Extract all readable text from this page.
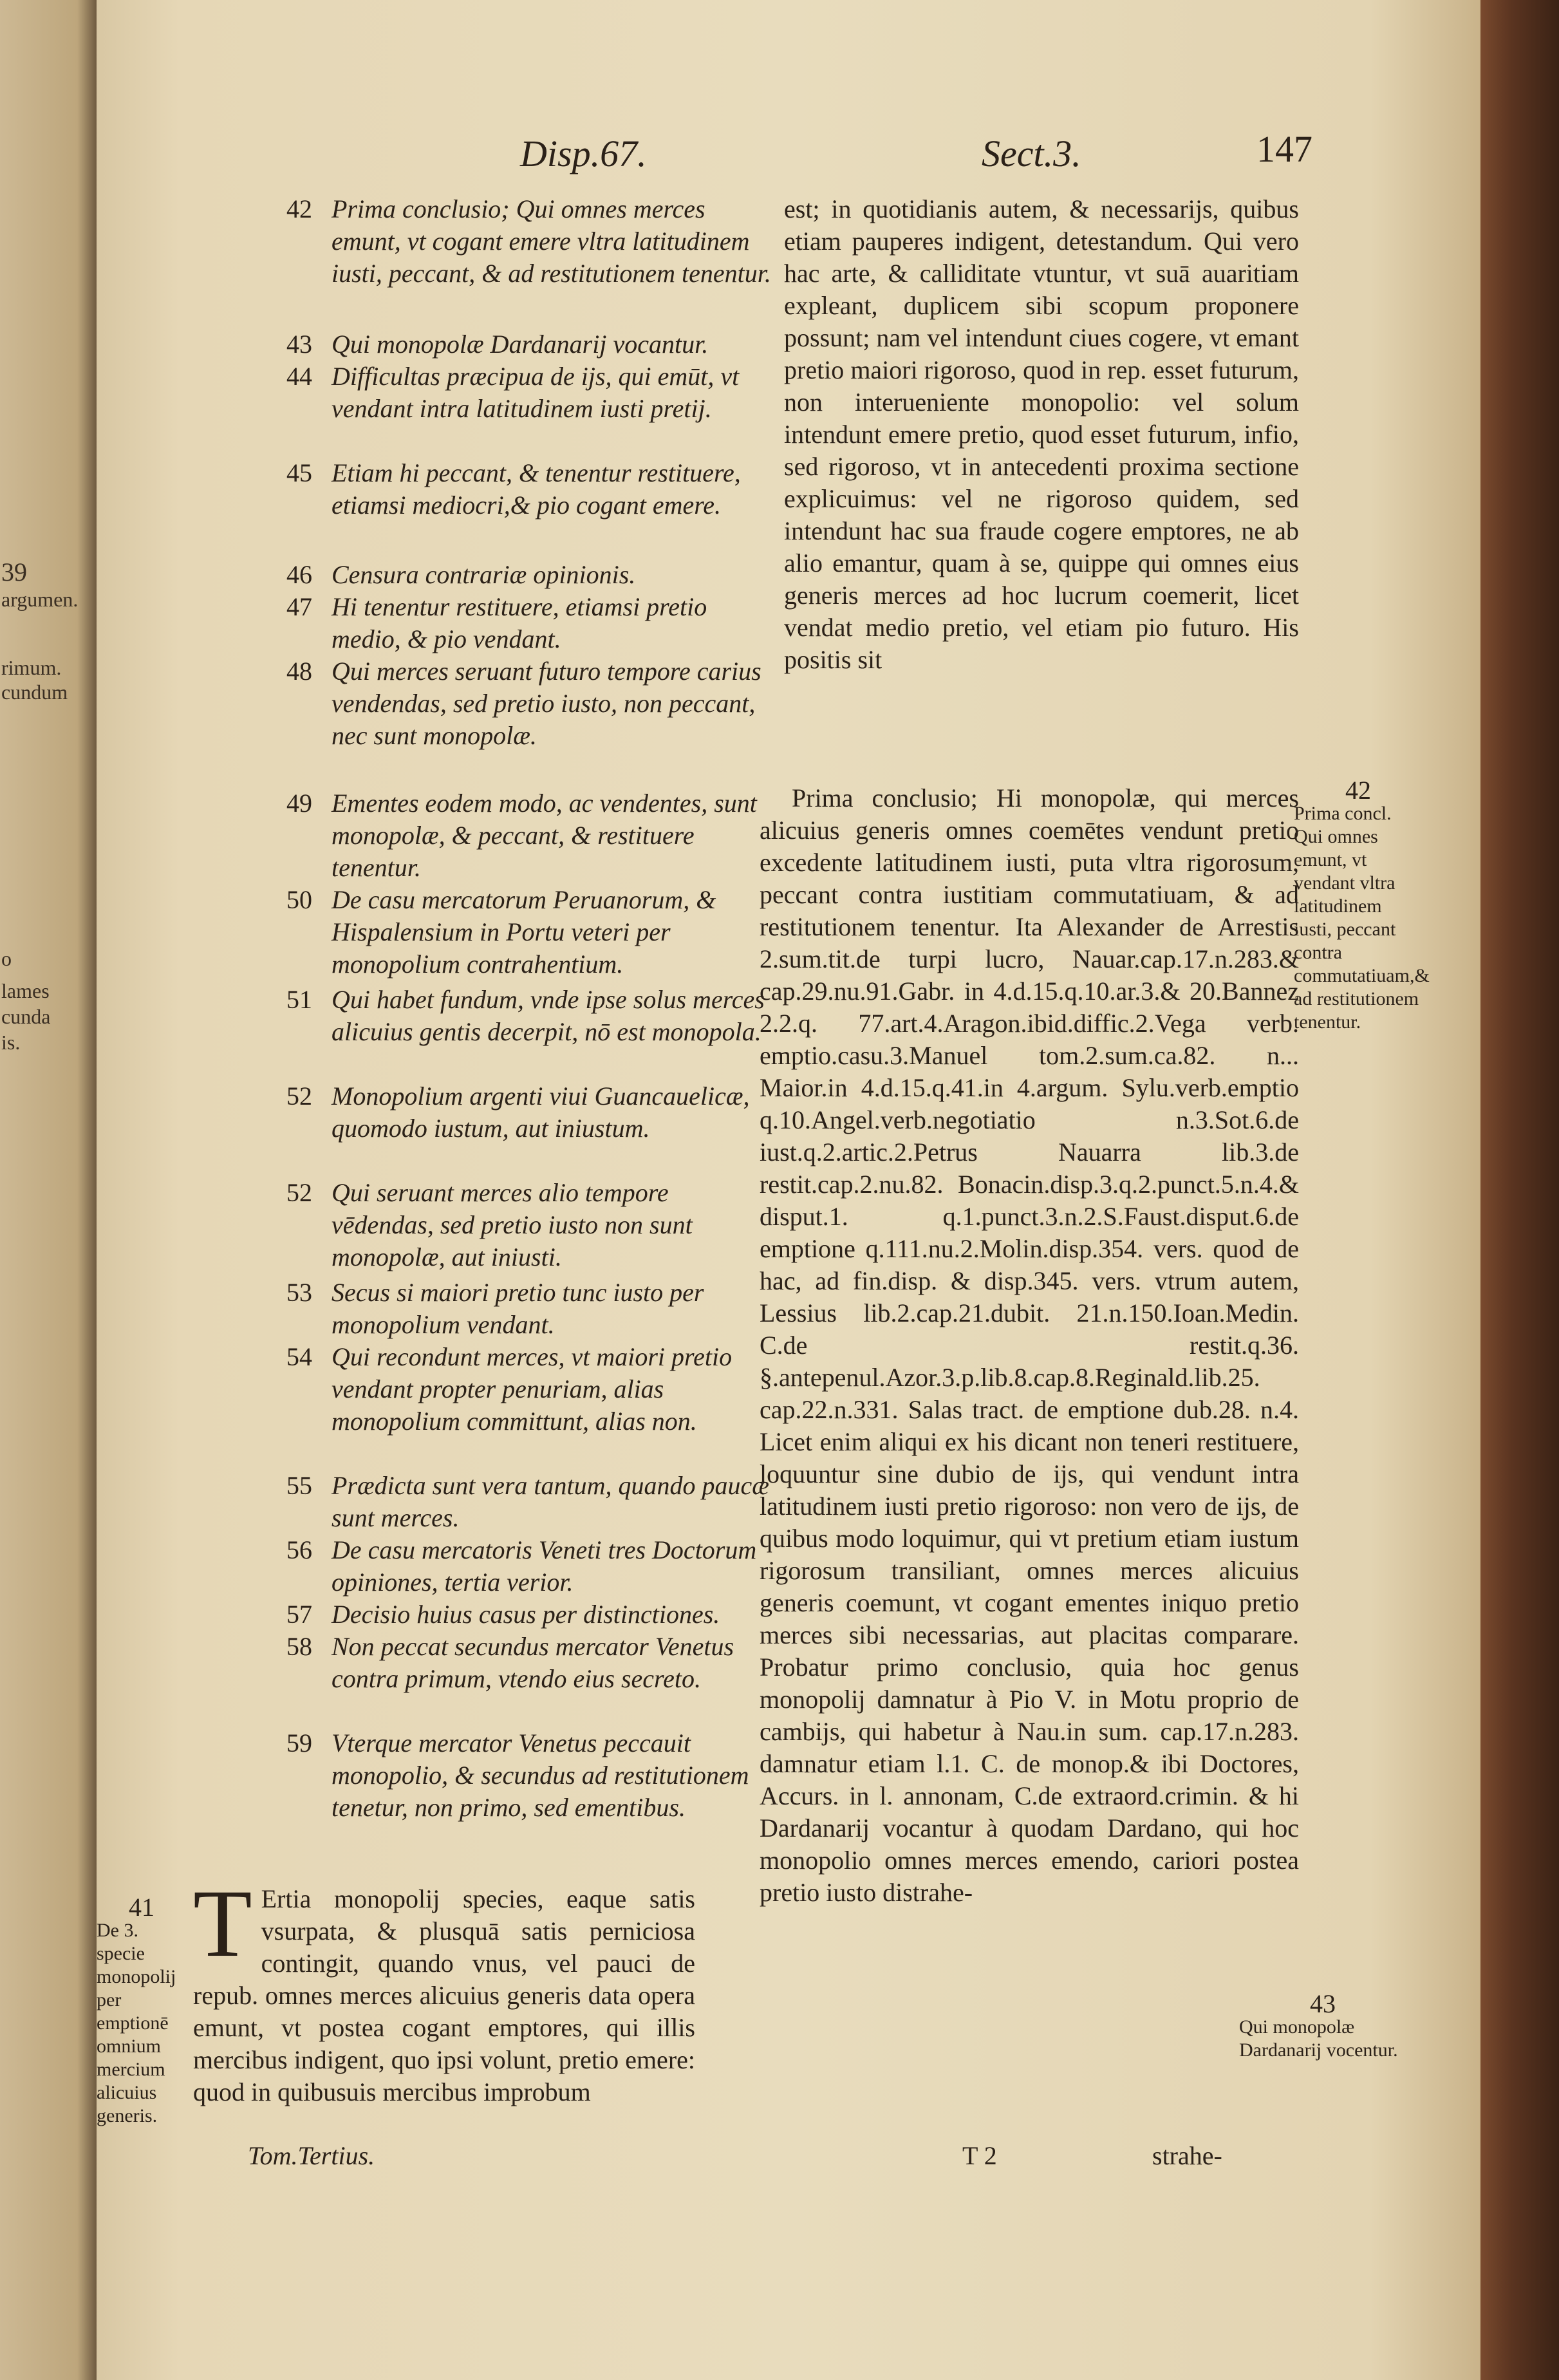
39
argumen.
rimum.
cundum
o
lames
cunda
is.
Disp.67.	Sect.3.	147
42 Prima conclusio; Qui omnes merces emunt, vt cogant emere vltra latitudinem iusti, peccant, & ad restitutionem tenentur.
43 Qui monopolæ Dardanarij vocantur.
44 Difficultas præcipua de ijs, qui emūt, vt vendant intra latitudinem iusti pretij.
45 Etiam hi peccant, & tenentur restituere, etiamsi mediocri,& pio cogant emere.
46 Censura contrariæ opinionis.
47 Hi tenentur restituere, etiamsi pretio medio, & pio vendant.
48 Qui merces seruant futuro tempore carius vendendas, sed pretio iusto, non peccant, nec sunt monopolæ.
49 Ementes eodem modo, ac vendentes, sunt monopolæ, & peccant, & restituere tenentur.
50 De casu mercatorum Peruanorum, & Hispalensium in Portu veteri per monopolium contrahentium.
51 Qui habet fundum, vnde ipse solus merces alicuius gentis decerpit, nō est monopola.
52 Monopolium argenti viui Guancauelicæ, quomodo iustum, aut iniustum.
52 Qui seruant merces alio tempore vēdendas, sed pretio iusto non sunt monopolæ, aut iniusti.
53 Secus si maiori pretio tunc iusto per monopolium vendant.
54 Qui recondunt merces, vt maiori pretio vendant propter penuriam, alias monopolium committunt, alias non.
55 Prædicta sunt vera tantum, quando paucæ sunt merces.
56 De casu mercatoris Veneti tres Doctorum opiniones, tertia verior.
57 Decisio huius casus per distinctiones.
58 Non peccat secundus mercator Venetus contra primum, vtendo eius secreto.
59 Vterque mercator Venetus peccauit monopolio, & secundus ad restitutionem tenetur, non primo, sed ementibus.
T Ertia monopolij species, eaque satis vsurpata, & plusquā satis perniciosa contingit, quando vnus, vel pauci de repub. omnes merces alicuius generis data opera emunt, vt postea cogant emptores, qui illis mercibus indigent, quo ipsi volunt, pretio emere: quod in quibusuis mercibus improbum
est; in quotidianis autem, & necessarijs, quibus etiam pauperes indigent, detestandum. Qui vero hac arte, & calliditate vtuntur, vt suā auaritiam expleant, duplicem sibi scopum proponere possunt; nam vel intendunt ciues cogere, vt emant pretio maiori rigoroso, quod in rep. esset futurum, non interueniente monopolio: vel solum intendunt emere pretio, quod esset futurum, infio, sed rigoroso, vt in antecedenti proxima sectione explicuimus: vel ne rigoroso quidem, sed intendunt hac sua fraude cogere emptores, ne ab alio emantur, quam à se, quippe qui omnes eius generis merces ad hoc lucrum coemerit, licet vendat medio pretio, vel etiam pio futuro. His positis sit
Prima conclusio; Hi monopolæ, qui merces alicuius generis omnes coemētes vendunt pretio excedente latitudinem iusti, puta vltra rigorosum, peccant contra iustitiam commutatiuam, & ad restitutionem tenentur. Ita Alexander de Arrestis 2.sum.tit.de turpi lucro, Nauar.cap.17.n.283.& cap.29.nu.91.Gabr. in 4.d.15.q.10.ar.3.& 20.Bannez 2.2.q. 77.art.4.Aragon.ibid.diffic.2.Vega verb. emptio.casu.3.Manuel tom.2.sum.ca.82. n... Maior.in 4.d.15.q.41.in 4.argum. Sylu.verb.emptio q.10.Angel.verb.negotiatio n.3.Sot.6.de iust.q.2.artic.2.Petrus Nauarra lib.3.de restit.cap.2.nu.82. Bonacin.disp.3.q.2.punct.5.n.4.& disput.1. q.1.punct.3.n.2.S.Faust.disput.6.de emptione q.111.nu.2.Molin.disp.354. vers. quod de hac, ad fin.disp. & disp.345. vers. vtrum autem, Lessius lib.2.cap.21.dubit. 21.n.150.Ioan.Medin. C.de restit.q.36. §.antepenul.Azor.3.p.lib.8.cap.8.Reginald.lib.25. cap.22.n.331. Salas tract. de emptione dub.28. n.4. Licet enim aliqui ex his dicant non teneri restituere, loquuntur sine dubio de ijs, qui vendunt intra latitudinem iusti pretio rigoroso: non vero de ijs, de quibus modo loquimur, qui vt pretium etiam iustum rigorosum transiliant, omnes merces alicuius generis coemunt, vt cogant ementes iniquo pretio merces sibi necessarias, aut placitas comparare. Probatur primo conclusio, quia hoc genus monopolij damnatur à Pio V. in Motu proprio de cambijs, qui habetur à Nau.in sum. cap.17.n.283. damnatur etiam l.1. C. de monop.& ibi Doctores, Accurs. in l. annonam, C.de extraord.crimin. & hi Dardanarij vocantur à quodam Dardano, qui hoc monopolio omnes merces emendo, cariori postea pretio iusto distrahe-
Tom.Tertius.	T 2	strahe-
41
De 3. specie monopolij per emptionē omnium mercium alicuius generis.
42
Prima concl. Qui omnes emunt, vt vendant vltra latitudinem iusti, peccant contra commutatiuam,& ad restitutionem tenentur.
43
Qui monopolæ Dardanarij vocentur.
